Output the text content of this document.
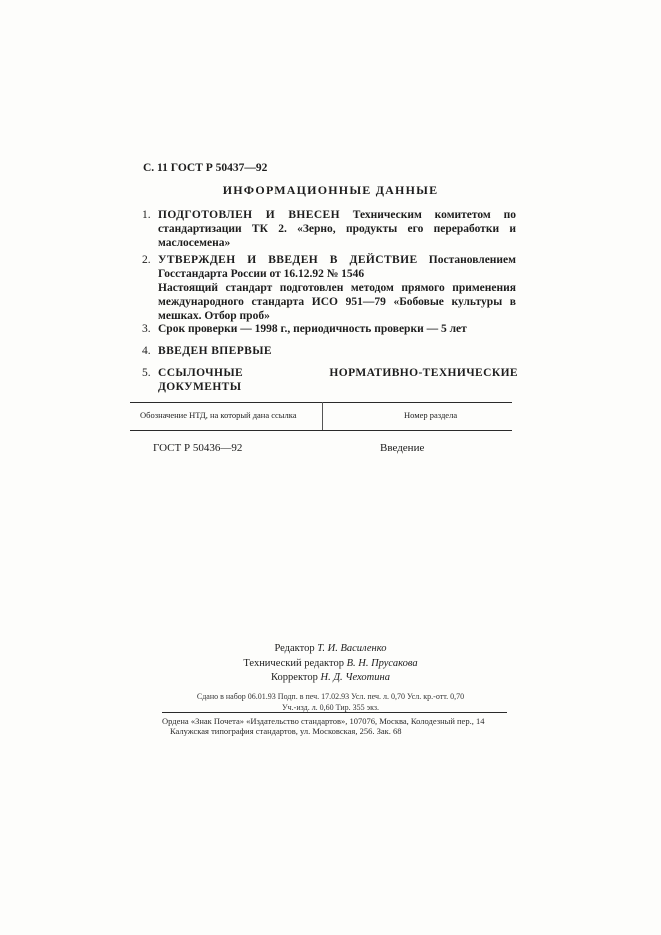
С. 11 ГОСТ Р 50437—92
ИНФОРМАЦИОННЫЕ ДАННЫЕ
1. ПОДГОТОВЛЕН И ВНЕСЕН Техническим комитетом по стандартизации ТК 2. «Зерно, продукты его переработки и маслосемена»
2. УТВЕРЖДЕН И ВВЕДЕН В ДЕЙСТВИЕ Постановлением Госстандарта России от 16.12.92 № 1546
Настоящий стандарт подготовлен методом прямого применения международного стандарта ИСО 951—79 «Бобовые культуры в мешках. Отбор проб»
3. Срок проверки — 1998 г., периодичность проверки — 5 лет
4. ВВЕДЕН ВПЕРВЫЕ
5. ССЫЛОЧНЫЕ НОРМАТИВНО-ТЕХНИЧЕСКИЕ ДОКУМЕНТЫ
Обозначение НТД, на который дана ссылка	Номер раздела
ГОСТ Р 50436—92	Введение
Редактор Т. И. Василенко
Технический редактор В. Н. Прусакова
Корректор Н. Д. Чехотина
Сдано в набор 06.01.93 Подп. в печ. 17.02.93 Усл. печ. л. 0,70 Усл. кр.-отт. 0,70
Уч.-изд. л. 0,60 Тир. 355 экз.
Ордена «Знак Почета» «Издательство стандартов», 107076, Москва, Колодезный пер., 14
Калужская типография стандартов, ул. Московская, 256. Зак. 68
